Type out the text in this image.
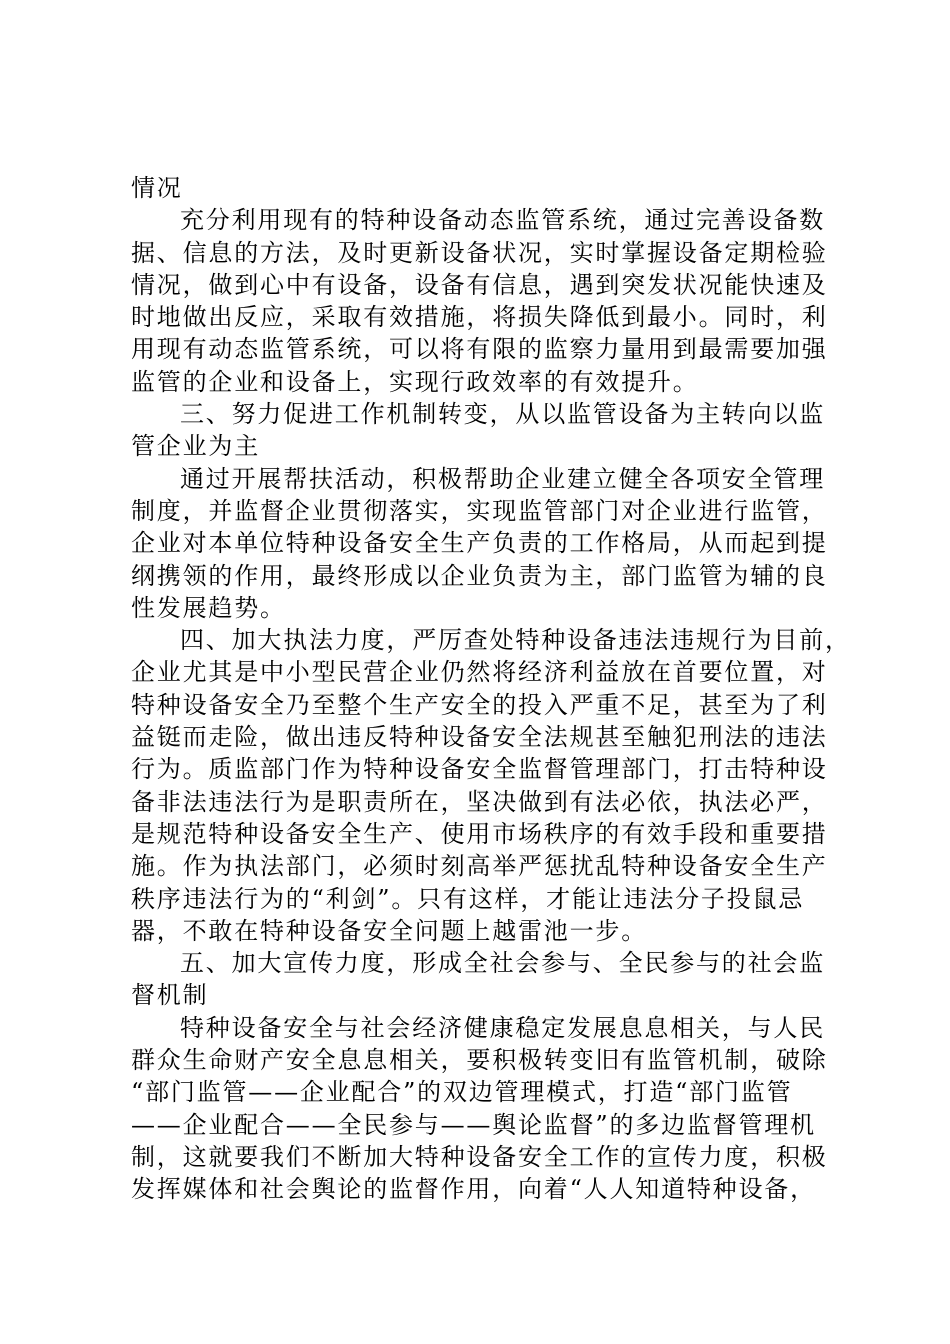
情况
充分利用现有的特种设备动态监管系统，通过完善设备数
据、信息的方法，及时更新设备状况，实时掌握设备定期检验
情况，做到心中有设备，设备有信息，遇到突发状况能快速及
时地做出反应，采取有效措施，将损失降低到最小。同时，利
用现有动态监管系统，可以将有限的监察力量用到最需要加强
监管的企业和设备上，实现行政效率的有效提升。
三、努力促进工作机制转变，从以监管设备为主转向以监
管企业为主
通过开展帮扶活动，积极帮助企业建立健全各项安全管理
制度，并监督企业贯彻落实，实现监管部门对企业进行监管，
企业对本单位特种设备安全生产负责的工作格局，从而起到提
纲携领的作用，最终形成以企业负责为主，部门监管为辅的良
性发展趋势。
四、加大执法力度，严厉查处特种设备违法违规行为目前，
企业尤其是中小型民营企业仍然将经济利益放在首要位置，对
特种设备安全乃至整个生产安全的投入严重不足，甚至为了利
益铤而走险，做出违反特种设备安全法规甚至触犯刑法的违法
行为。质监部门作为特种设备安全监督管理部门，打击特种设
备非法违法行为是职责所在，坚决做到有法必依，执法必严，
是规范特种设备安全生产、使用市场秩序的有效手段和重要措
施。作为执法部门，必须时刻高举严惩扰乱特种设备安全生产
秩序违法行为的“利剑”。只有这样，才能让违法分子投鼠忌
器，不敢在特种设备安全问题上越雷池一步。
五、加大宣传力度，形成全社会参与、全民参与的社会监
督机制
特种设备安全与社会经济健康稳定发展息息相关，与人民
群众生命财产安全息息相关，要积极转变旧有监管机制，破除
“部门监管——企业配合”的双边管理模式，打造“部门监管
——企业配合——全民参与——舆论监督”的多边监督管理机
制，这就要我们不断加大特种设备安全工作的宣传力度，积极
发挥媒体和社会舆论的监督作用，向着“人人知道特种设备，
